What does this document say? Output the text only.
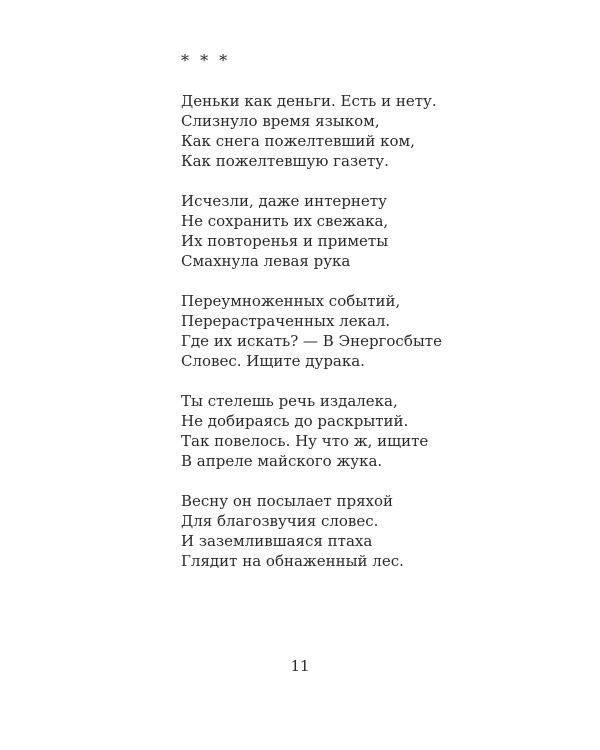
* * *
Деньки как деньги. Есть и нету.
Слизнуло время языком,
Как снега пожелтевший ком,
Как пожелтевшую газету.
Исчезли, даже интернету
Не сохранить их свежака,
Их повторенья и приметы
Смахнула левая рука
Переумноженных событий,
Перерастраченных лекал.
Где их искать? — В Энергосбыте
Словес. Ищите дурака.
Ты стелешь речь издалека,
Не добираясь до раскрытий.
Так повелось. Ну что ж, ищите
В апреле майского жука.
Весну он посылает пряхой
Для благозвучия словес.
И заземлившаяся птаха
Глядит на обнаженный лес.
11
